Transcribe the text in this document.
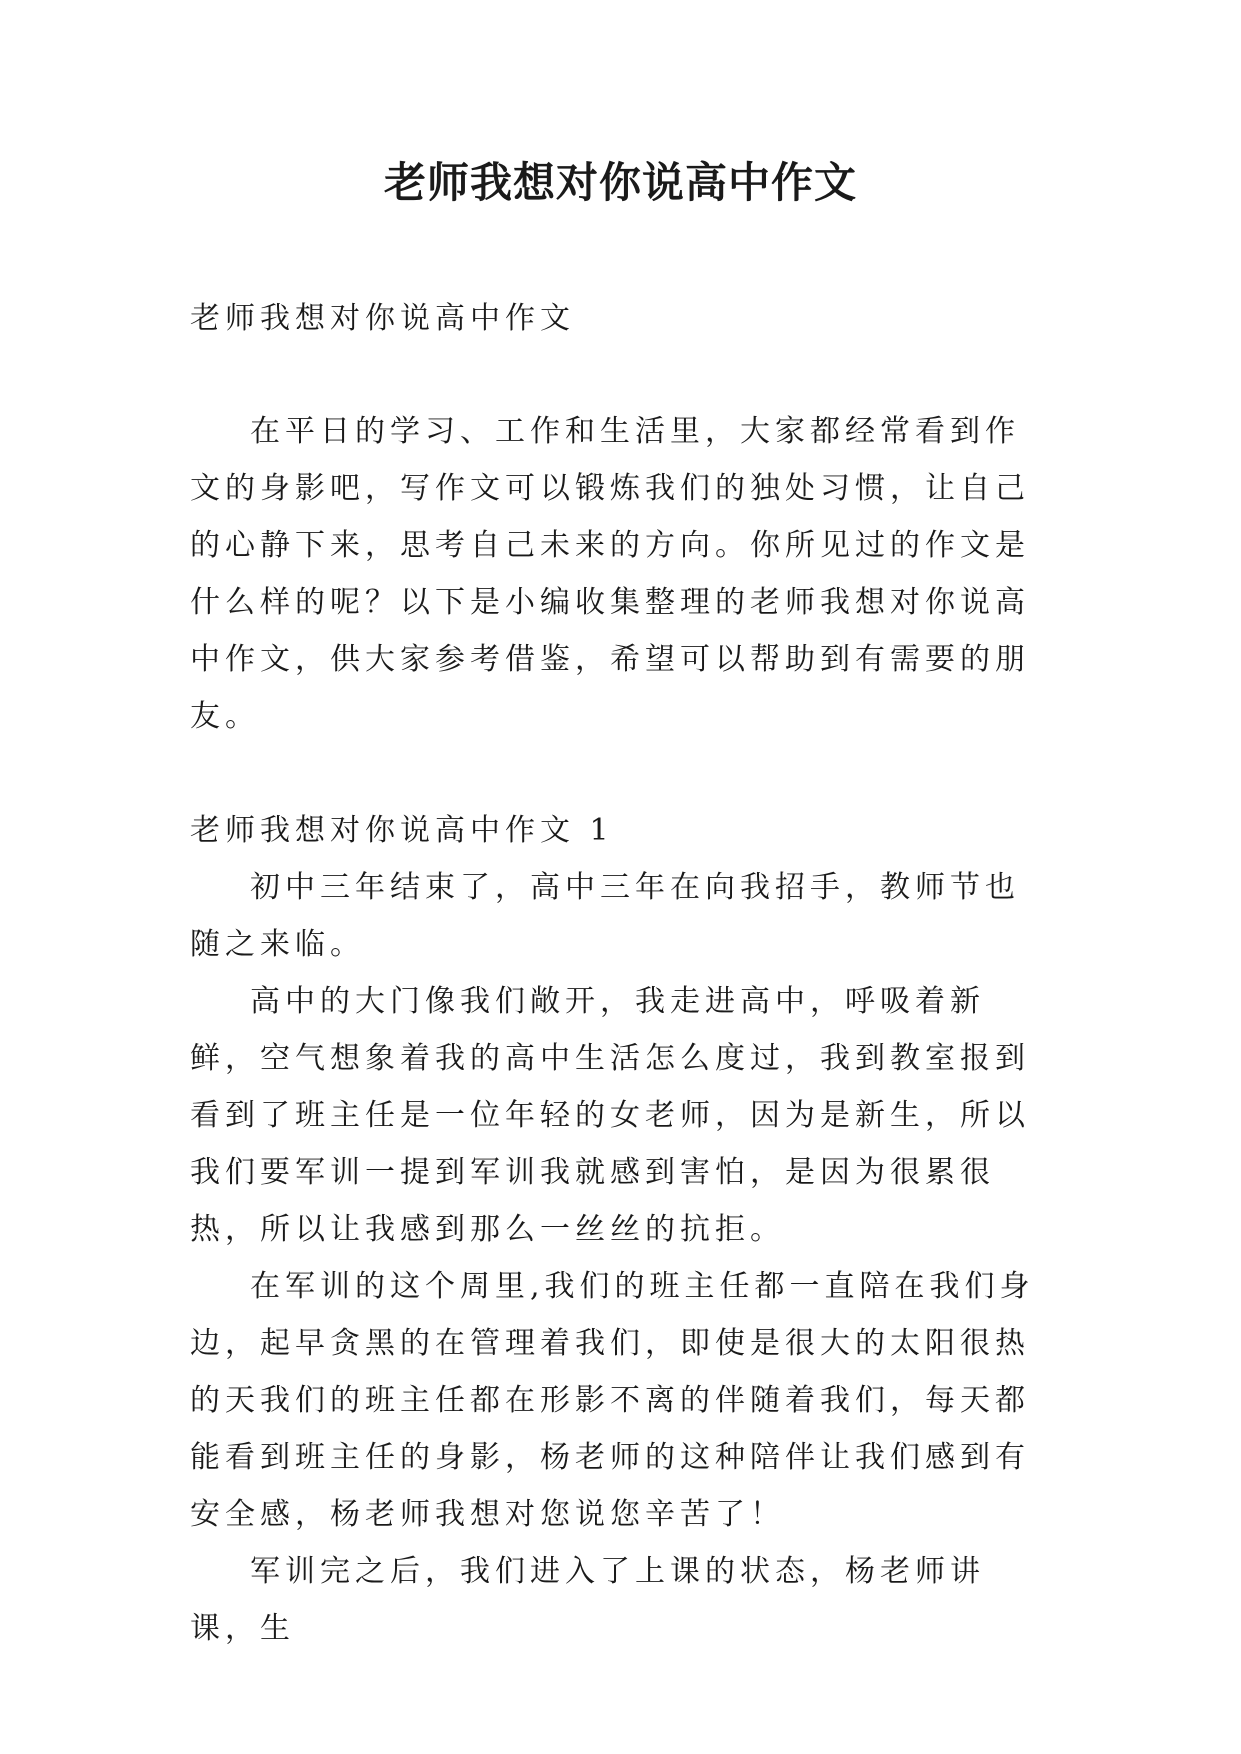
老师我想对你说高中作文

老师我想对你说高中作文

在平日的学习、工作和生活里，大家都经常看到作文的身影吧，写作文可以锻炼我们的独处习惯，让自己的心静下来，思考自己未来的方向。你所见过的作文是什么样的呢？以下是小编收集整理的老师我想对你说高中作文，供大家参考借鉴，希望可以帮助到有需要的朋友。

老师我想对你说高中作文 1

初中三年结束了，高中三年在向我招手，教师节也随之来临。

高中的大门像我们敞开，我走进高中，呼吸着新鲜，空气想象着我的高中生活怎么度过，我到教室报到看到了班主任是一位年轻的女老师，因为是新生，所以我们要军训一提到军训我就感到害怕，是因为很累很热，所以让我感到那么一丝丝的抗拒。

在军训的这个周里,我们的班主任都一直陪在我们身边，起早贪黑的在管理着我们，即使是很大的太阳很热的天我们的班主任都在形影不离的伴随着我们，每天都能看到班主任的身影，杨老师的这种陪伴让我们感到有安全感，杨老师我想对您说您辛苦了！

军训完之后，我们进入了上课的状态，杨老师讲课，生
